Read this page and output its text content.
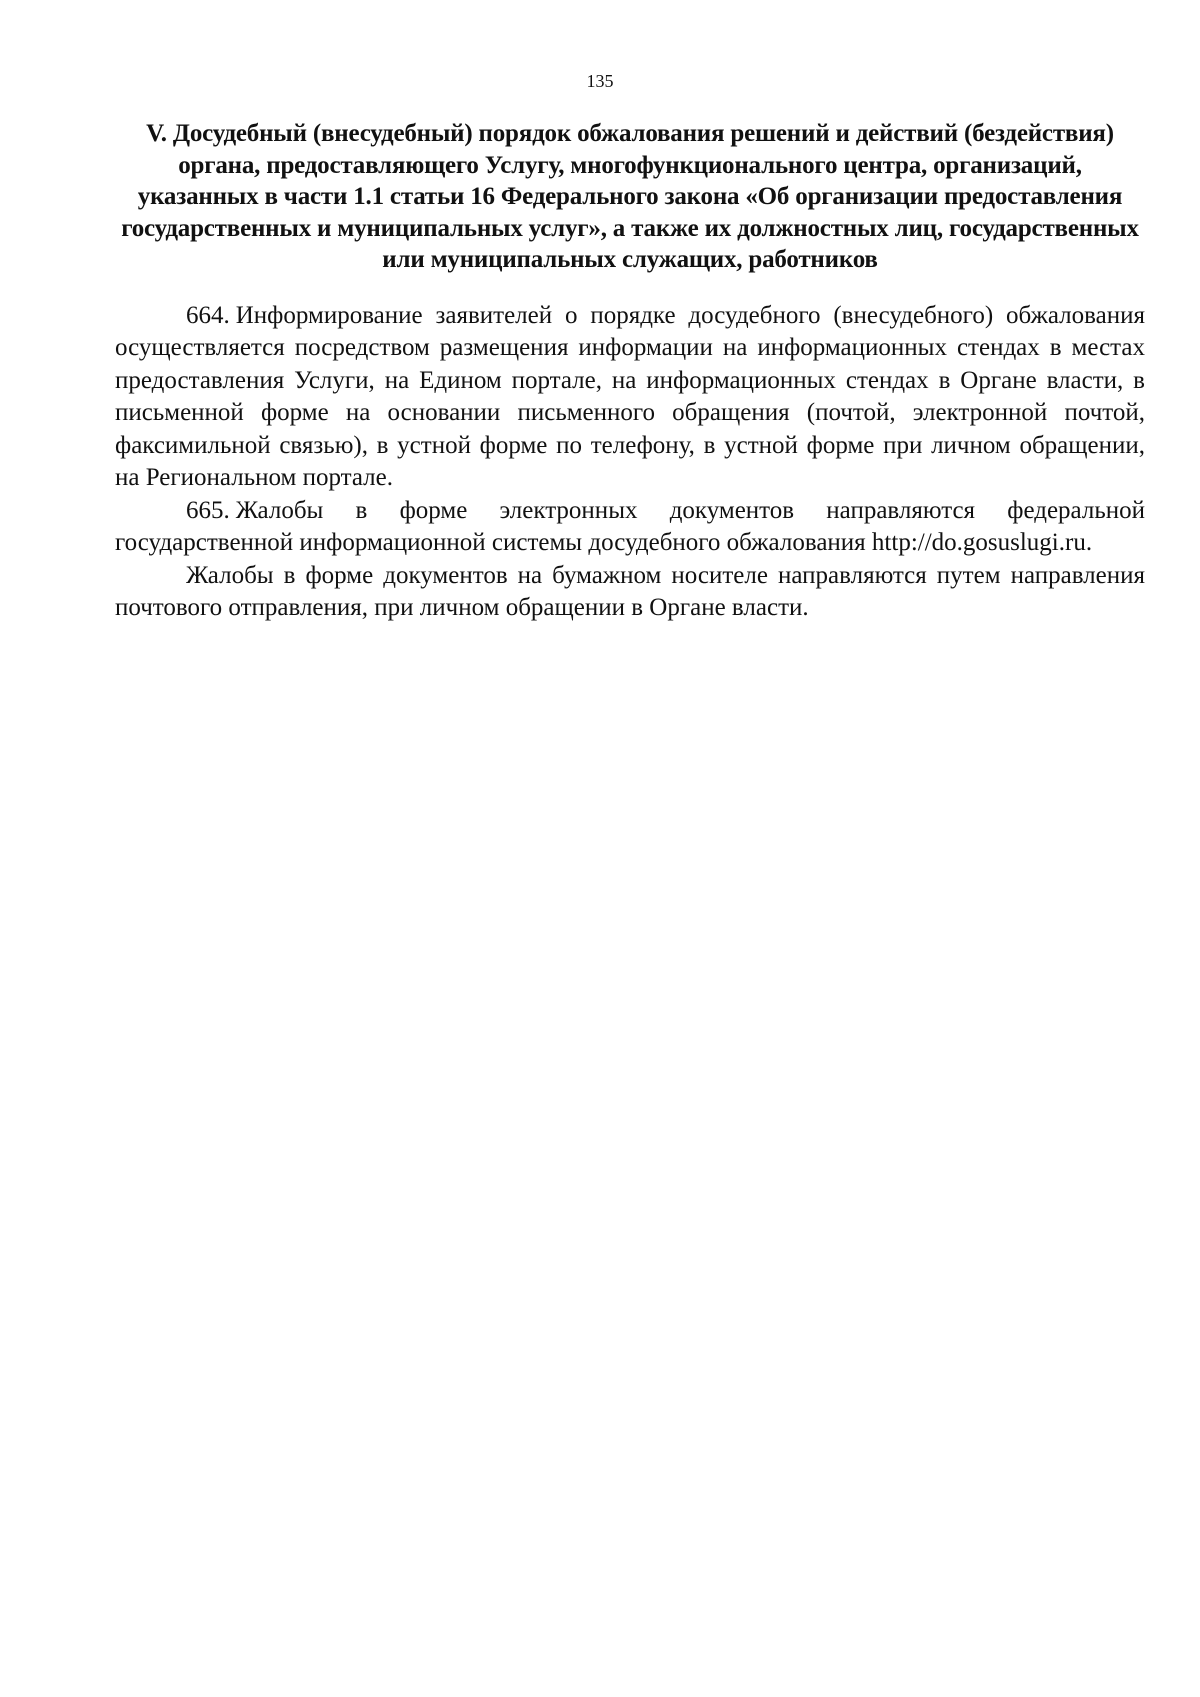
135
V. Досудебный (внесудебный) порядок обжалования решений и действий (бездействия) органа, предоставляющего Услугу, многофункционального центра, организаций, указанных в части 1.1 статьи 16 Федерального закона «Об организации предоставления государственных и муниципальных услуг», а также их должностных лиц, государственных или муниципальных служащих, работников

664. Информирование заявителей о порядке досудебного (внесудебного) обжалования осуществляется посредством размещения информации на информационных стендах в местах предоставления Услуги, на Едином портале, на информационных стендах в Органе власти, в письменной форме на основании письменного обращения (почтой, электронной почтой, факсимильной связью), в устной форме по телефону, в устной форме при личном обращении, на Региональном портале.

665. Жалобы в форме электронных документов направляются федеральной государственной информационной системы досудебного обжалования http://do.gosuslugi.ru.

Жалобы в форме документов на бумажном носителе направляются путем направления почтового отправления, при личном обращении в Органе власти.
